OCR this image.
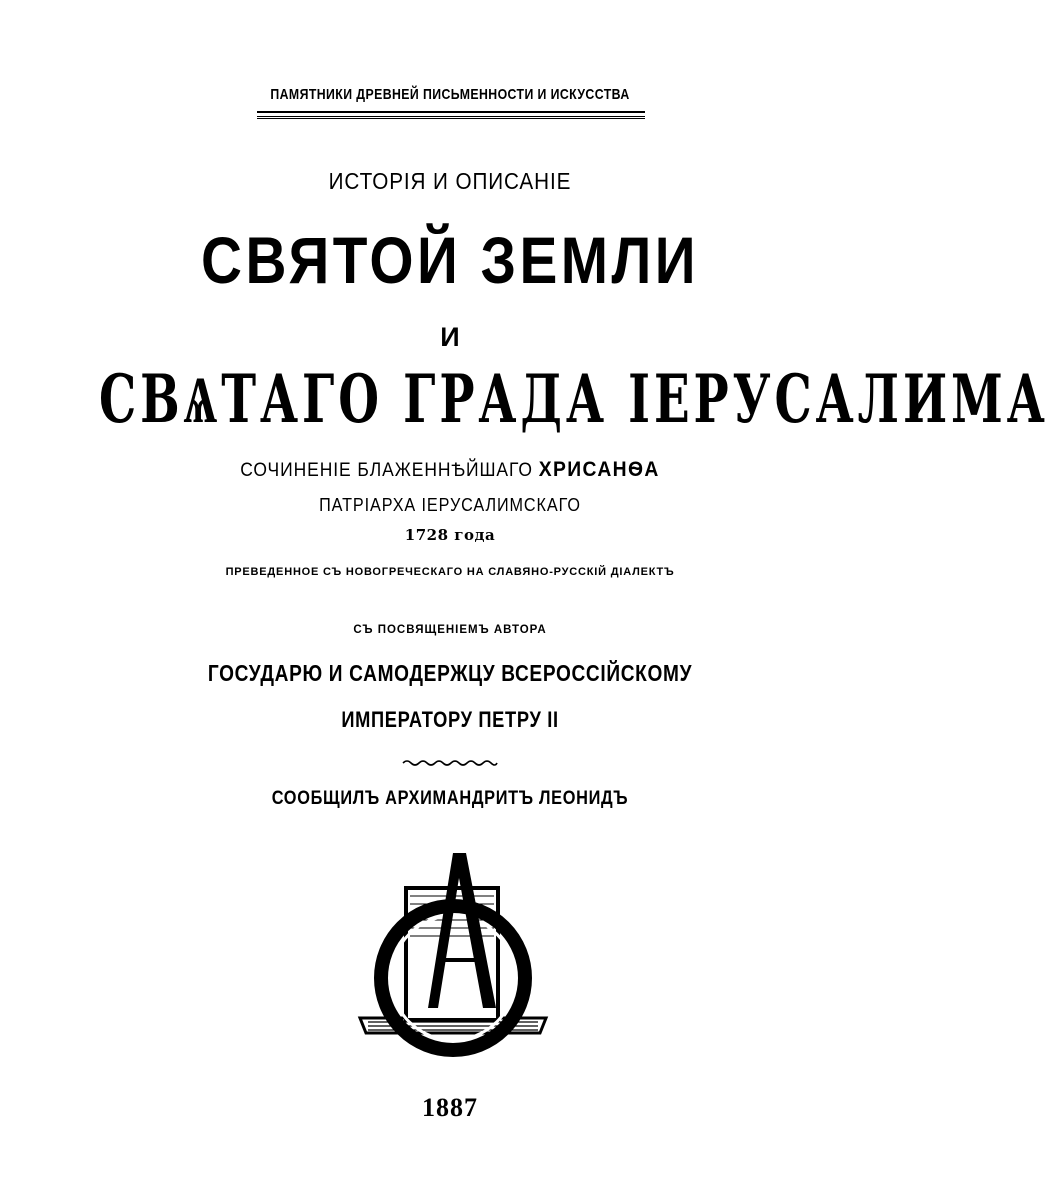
ПАМЯТНИКИ ДРЕВНЕЙ ПИСЬМЕННОСТИ И ИСКУССТВА
ИСТОРІЯ И ОПИСАНІЕ
СВЯТОЙ ЗЕМЛИ
И
СВѦТАГО ГРАДА ІЕРУСАЛИМА
СОЧИНЕНІЕ БЛАЖЕННѢЙШАГО ХРИСАНѲА
ПАТРІАРХА ІЕРУСАЛИМСКАГО
1728 года
ПРЕВЕДЕННОЕ СЪ НОВОГРЕЧЕСКАГО НА СЛАВЯНО-РУССКІЙ ДІАЛЕКТЪ
СЪ ПОСВЯЩЕНІЕМЪ АВТОРА
ГОСУДАРЮ И САМОДЕРЖЦУ ВСЕРОССІЙСКОМУ
ИМПЕРАТОРУ ПЕТРУ II
СООБЩИЛЪ АРХИМАНДРИТЪ ЛЕОНИДЪ
1887
